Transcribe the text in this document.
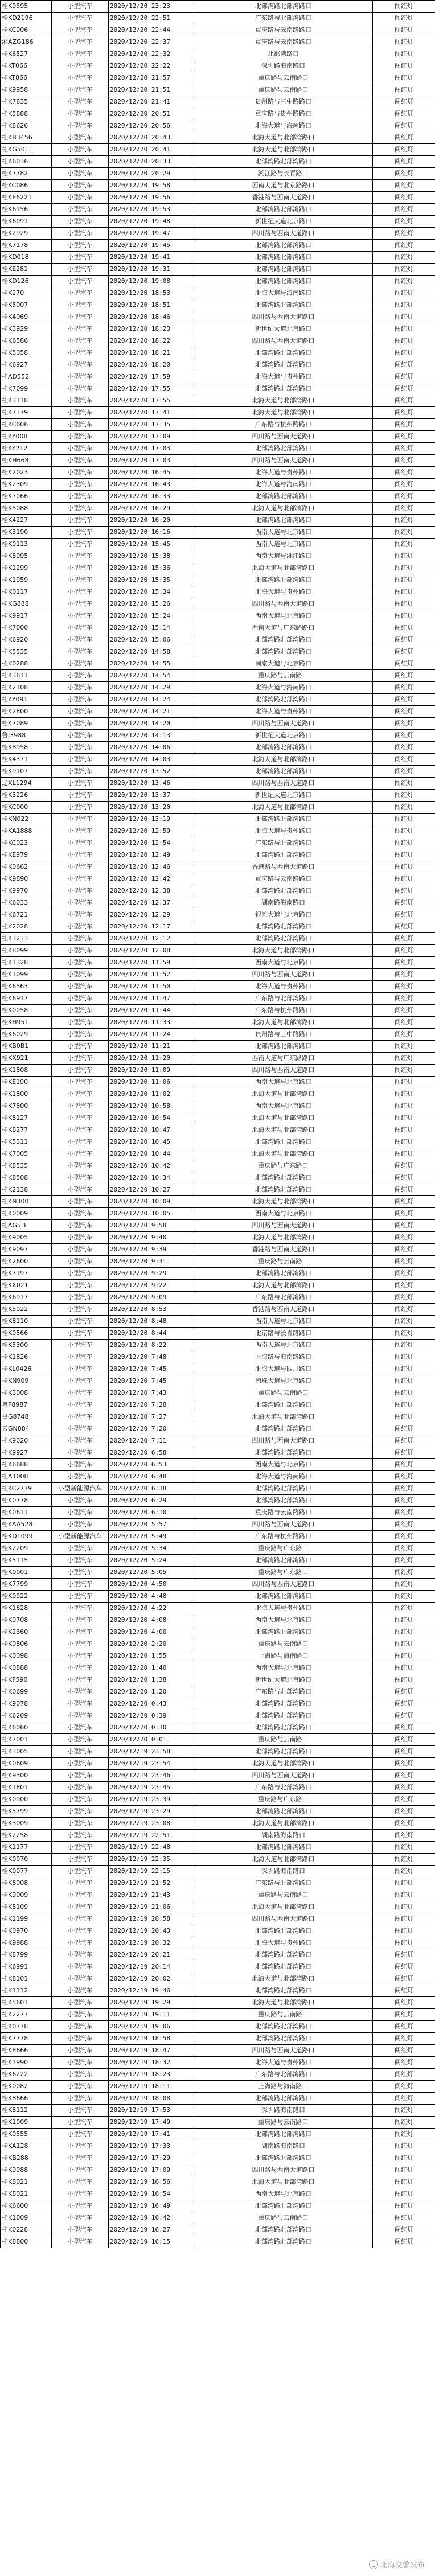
桂K9595	小型汽车	2020/12/20 23:23	北部湾路北部湾路口	闯红灯
桂KD2196	小型汽车	2020/12/20 22:51	广东路与北部湾路口	闯红灯
桂KC906	小型汽车	2020/12/20 22:44	重庆路与云南路路口	闯红灯
湘AZG186	小型汽车	2020/12/20 22:37	重庆路与云南路路口	闯红灯
桂K6527	小型汽车	2020/12/20 22:32	北部湾路口	闯红灯
桂KT066	小型汽车	2020/12/20 22:22	深圳路海南路口	闯红灯
桂KT866	小型汽车	2020/12/20 21:57	重庆路与云南路口	闯红灯
桂K9958	小型汽车	2020/12/20 21:51	重庆路与云南路口	闯红灯
桂K7835	小型汽车	2020/12/20 21:41	贵州路与三中路路口	闯红灯
桂K5888	小型汽车	2020/12/20 20:51	重庆路与贵州路路口	闯红灯
桂K8626	小型汽车	2020/12/20 20:56	北海大道与海南路口	闯红灯
桂KB3456	小型汽车	2020/12/20 20:43	北海大道与北部湾路口	闯红灯
桂KG5011	小型汽车	2020/12/20 20:41	北海大道与北部湾路口	闯红灯
桂K6036	小型汽车	2020/12/20 20:33	北部湾路北部湾路口	闯红灯
桂K7782	小型汽车	2020/12/20 20:29	湘江路与长青路口	闯红灯
桂KC086	小型汽车	2020/12/20 19:58	西南大道与北京路路口	闯红灯
桂KE6221	小型汽车	2020/12/20 19:56	香港路与西南大道路口	闯红灯
桂K6156	小型汽车	2020/12/20 19:53	北部湾路北部湾路口	闯红灯
桂K6091	小型汽车	2020/12/20 19:48	新世纪大道北京路口	闯红灯
桂K2929	小型汽车	2020/12/20 19:47	四川路与西南大道路口	闯红灯
桂K7178	小型汽车	2020/12/20 19:45	北部湾路北部湾路口	闯红灯
桂KD018	小型汽车	2020/12/20 19:41	北部湾路北部湾路口	闯红灯
桂KE281	小型汽车	2020/12/20 19:31	北部湾路北部湾路口	闯红灯
桂KD126	小型汽车	2020/12/20 19:08	北部湾路北部湾路口	闯红灯
桂K270	小型汽车	2020/12/20 18:53	北海大道与海南路口	闯红灯
桂K5007	小型汽车	2020/12/20 18:51	北部湾路北部湾路口	闯红灯
桂K4069	小型汽车	2020/12/20 18:46	四川路与西南大道路口	闯红灯
桂K3929	小型汽车	2020/12/20 18:23	新世纪大道北京路口	闯红灯
桂K6586	小型汽车	2020/12/20 18:22	四川路与西南大道路口	闯红灯
桂K5058	小型汽车	2020/12/20 18:21	北部湾路北部湾路口	闯红灯
桂K6927	小型汽车	2020/12/20 18:20	北部湾路北部湾路口	闯红灯
桂AD552	小型汽车	2020/12/20 17:59	北海大道与贵州路口	闯红灯
桂K7099	小型汽车	2020/12/20 17:55	北部湾路北部湾路口	闯红灯
桂K3118	小型汽车	2020/12/20 17:55	北海大道与北部湾路口	闯红灯
桂K7379	小型汽车	2020/12/20 17:41	北海大道与北部湾路口	闯红灯
桂KC606	小型汽车	2020/12/20 17:35	广东路与杭州路路口	闯红灯
桂KY008	小型汽车	2020/12/20 17:09	四川路与西南大道路口	闯红灯
桂KY212	小型汽车	2020/12/20 17:03	北部湾路北部湾路口	闯红灯
桂KH668	小型汽车	2020/12/20 17:03	四川路与西南大道路口	闯红灯
桂K2023	小型汽车	2020/12/20 16:45	北海大道与贵州路口	闯红灯
桂K2309	小型汽车	2020/12/20 16:43	北海大道与海南路口	闯红灯
桂K7066	小型汽车	2020/12/20 16:33	北部湾路北部湾路口	闯红灯
桂K5088	小型汽车	2020/12/20 16:29	北海大道与北部湾路口	闯红灯
桂K4227	小型汽车	2020/12/20 16:20	北部湾路北部湾路口	闯红灯
桂K3190	小型汽车	2020/12/20 16:16	西南大道与北京路口	闯红灯
桂K0113	小型汽车	2020/12/20 15:45	西南大道与北京路口	闯红灯
桂K8095	小型汽车	2020/12/20 15:38	西南大道与湘江路口	闯红灯
桂K1299	小型汽车	2020/12/20 15:36	北海大道与北部湾路口	闯红灯
桂K1959	小型汽车	2020/12/20 15:35	北部湾路北部湾路口	闯红灯
桂K0117	小型汽车	2020/12/20 15:34	北海大道与贵州路口	闯红灯
桂KG888	小型汽车	2020/12/20 15:26	四川路与西南大道路口	闯红灯
桂K9917	小型汽车	2020/12/20 15:24	西南大道与北京路口	闯红灯
桂K7000	小型汽车	2020/12/20 15:14	西南大道与广东路路口	闯红灯
桂K6920	小型汽车	2020/12/20 15:06	北部湾路北部湾路口	闯红灯
桂K5535	小型汽车	2020/12/20 14:58	北部湾路北部湾路口	闯红灯
桂K0288	小型汽车	2020/12/20 14:55	南京大道与北京路口	闯红灯
桂K3611	小型汽车	2020/12/20 14:54	重庆路与云南路口	闯红灯
桂K2108	小型汽车	2020/12/20 14:29	北海大道与海南路口	闯红灯
桂KY091	小型汽车	2020/12/20 14:24	北部湾路北部湾路口	闯红灯
桂K2800	小型汽车	2020/12/20 14:21	北海大道与贵州路口	闯红灯
桂K7089	小型汽车	2020/12/20 14:20	四川路与西南大道路口	闯红灯
鲁J3988	小型汽车	2020/12/20 14:13	新世纪大道北京路口	闯红灯
桂K8958	小型汽车	2020/12/20 14:06	北部湾路北部湾路口	闯红灯
桂K4371	小型汽车	2020/12/20 14:03	北海大道与北部湾路口	闯红灯
桂K9107	小型汽车	2020/12/20 13:52	北部湾路北部湾路口	闯红灯
辽XL1294	小型汽车	2020/12/20 13:46	四川路与西南大道路口	闯红灯
桂K3226	小型汽车	2020/12/20 13:37	新世纪大道北京路口	闯红灯
桂KC000	小型汽车	2020/12/20 13:20	北海大道与北部湾路口	闯红灯
桂KN022	小型汽车	2020/12/20 13:19	北部湾路北部湾路口	闯红灯
桂KA1888	小型汽车	2020/12/20 12:59	北海大道与贵州路口	闯红灯
桂KC023	小型汽车	2020/12/20 12:54	广东路与北部湾路口	闯红灯
桂KE979	小型汽车	2020/12/20 12:49	北部湾路北部湾路口	闯红灯
桂K0662	小型汽车	2020/12/20 12:46	香港路与西南大道路口	闯红灯
桂K9890	小型汽车	2020/12/20 12:42	重庆路与云南路路口	闯红灯
桂K9970	小型汽车	2020/12/20 12:38	北部湾路北部湾路口	闯红灯
桂K6033	小型汽车	2020/12/20 12:37	湖南路海南路口	闯红灯
桂K6721	小型汽车	2020/12/20 12:29	银滩大道与北京路口	闯红灯
桂K2028	小型汽车	2020/12/20 12:17	北部湾路北部湾路口	闯红灯
桂K3233	小型汽车	2020/12/20 12:12	北部湾路北部湾路口	闯红灯
桂K8099	小型汽车	2020/12/20 12:08	北海大道与北部湾路口	闯红灯
桂K1328	小型汽车	2020/12/20 11:59	西南大道与北京路口	闯红灯
桂K1099	小型汽车	2020/12/20 11:52	四川路与西南大道路口	闯红灯
桂K6563	小型汽车	2020/12/20 11:50	北海大道与贵州路口	闯红灯
桂K6917	小型汽车	2020/12/20 11:47	广东路与北部湾路口	闯红灯
桂K0058	小型汽车	2020/12/20 11:44	广东路与杭州路路口	闯红灯
桂KH951	小型汽车	2020/12/20 11:33	北海大道与北部湾路口	闯红灯
桂K6029	小型汽车	2020/12/20 11:24	贵州路与三中路路口	闯红灯
桂KB0B1	小型汽车	2020/12/20 11:21	北部湾路北部湾路口	闯红灯
桂KX921	小型汽车	2020/12/20 11:20	西南大道与广东路路口	闯红灯
桂K1808	小型汽车	2020/12/20 11:09	四川路与西南大道路口	闯红灯
桂KE190	小型汽车	2020/12/20 11:06	西南大道与北京路口	闯红灯
桂K1800	小型汽车	2020/12/20 11:02	北海大道与北部湾路口	闯红灯
桂K7800	小型汽车	2020/12/20 10:58	西南大道与北京路口	闯红灯
桂K8127	小型汽车	2020/12/20 10:54	北海大道与北部湾路口	闯红灯
桂K8277	小型汽车	2020/12/20 10:47	北海大道与北部湾路口	闯红灯
桂K5311	小型汽车	2020/12/20 10:45	北部湾路北部湾路口	闯红灯
桂K7005	小型汽车	2020/12/20 10:44	北海大道与北部湾路口	闯红灯
桂K8535	小型汽车	2020/12/20 10:42	重庆路与广东路口	闯红灯
桂K8508	小型汽车	2020/12/20 10:34	北部湾路北部湾路口	闯红灯
桂K2138	小型汽车	2020/12/20 10:27	北部湾路北部湾路口	闯红灯
桂KN300	小型汽车	2020/12/20 10:09	北海大道与北部湾路口	闯红灯
桂K0009	小型汽车	2020/12/20 10:05	西南大道与北京路口	闯红灯
桂AG5D	小型汽车	2020/12/20 9:58	四川路与西南大道路口	闯红灯
桂K9005	小型汽车	2020/12/20 9:40	北海大道与北部湾路口	闯红灯
桂K9097	小型汽车	2020/12/20 9:39	香港路与西南大道路口	闯红灯
桂K2600	小型汽车	2020/12/20 9:31	重庆路与云南路口	闯红灯
桂K7197	小型汽车	2020/12/20 9:29	北部湾路北部湾路口	闯红灯
桂KX021	小型汽车	2020/12/20 9:22	北海大道与北部湾路口	闯红灯
桂K6917	小型汽车	2020/12/20 9:09	广东路与北部湾路口	闯红灯
桂K5022	小型汽车	2020/12/20 8:53	香港路与西南大道路口	闯红灯
桂K8110	小型汽车	2020/12/20 8:48	西南大道与北京路口	闯红灯
桂K0566	小型汽车	2020/12/20 8:44	北京路与长青路路口	闯红灯
桂K5300	小型汽车	2020/12/20 8:22	西南大道与北京路口	闯红灯
桂K1826	小型汽车	2020/12/20 7:48	上海路与海南路路口	闯红灯
桂KL0426	小型汽车	2020/12/20 7:45	北海大道与四川路口	闯红灯
桂KN909	小型汽车	2020/12/20 7:45	南珠大道与北京路口	闯红灯
桂K3008	小型汽车	2020/12/20 7:43	重庆路与云南路口	闯红灯
粤F8987	小型汽车	2020/12/20 7:28	北部湾路北部湾路口	闯红灯
黑G8748	小型汽车	2020/12/20 7:27	北海大道与北部湾路口	闯红灯
云GN884	小型汽车	2020/12/20 7:20	北部湾路北部湾路口	闯红灯
桂K9020	小型汽车	2020/12/20 7:11	四川路与西南大道路口	闯红灯
桂K9927	小型汽车	2020/12/20 6:58	北部湾路北部湾路口	闯红灯
桂K6688	小型汽车	2020/12/20 6:53	西南大道与北京路口	闯红灯
桂A1008	小型汽车	2020/12/20 6:48	北海大道与海南路口	闯红灯
桂KC2779	小型新能源汽车	2020/12/20 6:38	北部湾路北部湾路口	闯红灯
桂K0778	小型汽车	2020/12/20 6:29	北部湾路北部湾路口	闯红灯
桂K0611	小型汽车	2020/12/20 6:10	重庆路与云南路路口	闯红灯
桂KAA528	小型汽车	2020/12/20 5:57	四川路与西南大道路口	闯红灯
桂KD1099	小型新能源汽车	2020/12/20 5:49	广东路与杭州路路口	闯红灯
桂K2209	小型汽车	2020/12/20 5:34	重庆路与广东路口	闯红灯
桂K5115	小型汽车	2020/12/20 5:24	北部湾路北部湾路口	闯红灯
桂K0001	小型汽车	2020/12/20 5:05	重庆路与广东路口	闯红灯
桂K7799	小型汽车	2020/12/20 4:50	四川路与西南大道路口	闯红灯
桂K0922	小型汽车	2020/12/20 4:48	北部湾路北部湾路口	闯红灯
桂K1628	小型汽车	2020/12/20 4:22	北海大道与贵州路口	闯红灯
桂K0708	小型汽车	2020/12/20 4:08	西南大道与北京路口	闯红灯
桂K2360	小型汽车	2020/12/20 4:00	北部湾路北部湾路口	闯红灯
桂K0806	小型汽车	2020/12/20 2:20	重庆路与云南路口	闯红灯
桂K0098	小型汽车	2020/12/20 1:55	上海路与海南路口	闯红灯
桂K0888	小型汽车	2020/12/20 1:40	西南大道与北京路口	闯红灯
桂KF590	小型汽车	2020/12/20 1:38	新世纪大道北京路口	闯红灯
桂K0699	小型汽车	2020/12/20 1:20	广东路与北部湾路口	闯红灯
桂K9078	小型汽车	2020/12/20 0:43	北部湾路北部湾路口	闯红灯
桂K6209	小型汽车	2020/12/20 0:39	北部湾路北部湾路口	闯红灯
桂K6060	小型汽车	2020/12/20 0:30	北部湾路北部湾路口	闯红灯
桂K7001	小型汽车	2020/12/20 0:01	重庆路与云南路口	闯红灯
桂K3005	小型汽车	2020/12/19 23:58	北部湾路北部湾路口	闯红灯
桂K0609	小型汽车	2020/12/19 23:54	北海大道与北部湾路口	闯红灯
桂K9300	小型汽车	2020/12/19 23:46	四川路与西南大道路口	闯红灯
桂K1801	小型汽车	2020/12/19 23:45	广东路与北部湾路口	闯红灯
桂K0900	小型汽车	2020/12/19 23:39	重庆路与广东路口	闯红灯
桂K5799	小型汽车	2020/12/19 23:29	北部湾路北部湾路口	闯红灯
桂K3009	小型汽车	2020/12/19 23:08	北海大道与北部湾路口	闯红灯
桂K2258	小型汽车	2020/12/19 22:51	湖南路海南路口	闯红灯
桂K1177	小型汽车	2020/12/19 22:48	北部湾路北部湾路口	闯红灯
桂K0070	小型汽车	2020/12/19 22:35	北海大道与北部湾路口	闯红灯
桂K0077	小型汽车	2020/12/19 22:15	深圳路海南路口	闯红灯
桂K8008	小型汽车	2020/12/19 21:52	广东路与北部湾路口	闯红灯
桂K9009	小型汽车	2020/12/19 21:43	重庆路与云南路口	闯红灯
桂K8109	小型汽车	2020/12/19 21:06	北海大道与北部湾路口	闯红灯
桂K1199	小型汽车	2020/12/19 20:58	四川路与西南大道路口	闯红灯
桂K0970	小型汽车	2020/12/19 20:43	北部湾路北部湾路口	闯红灯
桂K9988	小型汽车	2020/12/19 20:32	北海大道与贵州路口	闯红灯
桂K8799	小型汽车	2020/12/19 20:21	北部湾路北部湾路口	闯红灯
桂K6991	小型汽车	2020/12/19 20:14	北部湾路北部湾路口	闯红灯
桂K8101	小型汽车	2020/12/19 20:02	北海大道与北部湾路口	闯红灯
桂K1112	小型汽车	2020/12/19 19:46	北部湾路北部湾路口	闯红灯
桂K5601	小型汽车	2020/12/19 19:29	北海大道与北部湾路口	闯红灯
桂K2277	小型汽车	2020/12/19 19:11	重庆路与云南路口	闯红灯
桂K0778	小型汽车	2020/12/19 19:06	北部湾路北部湾路口	闯红灯
桂K7778	小型汽车	2020/12/19 18:58	北部湾路北部湾路口	闯红灯
桂K8666	小型汽车	2020/12/19 18:47	四川路与西南大道路口	闯红灯
桂K1990	小型汽车	2020/12/19 18:32	北海大道与贵州路口	闯红灯
桂K6222	小型汽车	2020/12/19 18:23	广东路与北部湾路口	闯红灯
桂K0082	小型汽车	2020/12/19 18:11	上海路与海南路口	闯红灯
桂K8666	小型汽车	2020/12/19 18:08	北部湾路北部湾路口	闯红灯
桂K8112	小型汽车	2020/12/19 17:53	深圳路海南路口	闯红灯
桂K1009	小型汽车	2020/12/19 17:49	重庆路与云南路口	闯红灯
桂K0555	小型汽车	2020/12/19 17:41	北部湾路北部湾路口	闯红灯
桂KA128	小型汽车	2020/12/19 17:33	湖南路海南路口	闯红灯
桂KB288	小型汽车	2020/12/19 17:29	北部湾路北部湾路口	闯红灯
桂K9988	小型汽车	2020/12/19 17:09	四川路与西南大道路口	闯红灯
桂K8021	小型汽车	2020/12/19 16:56	北海大道与北部湾路口	闯红灯
桂K8021	小型汽车	2020/12/19 16:54	西南大道与北京路口	闯红灯
桂K6600	小型汽车	2020/12/19 16:49	北部湾路北部湾路口	闯红灯
桂K1009	小型汽车	2020/12/19 16:42	重庆路与云南路口	闯红灯
桂K0228	小型汽车	2020/12/19 16:27	北部湾路北部湾路口	闯红灯
桂K8800	小型汽车	2020/12/19 16:15	北部湾路北部湾路口	闯红灯
北海交警发布
